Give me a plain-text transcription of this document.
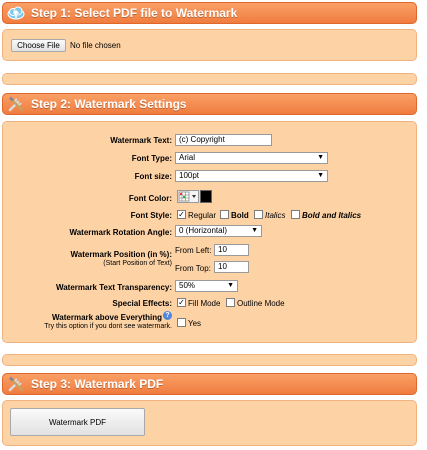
Step 1: Select PDF file to Watermark
Choose File	No file chosen
Step 2: Watermark Settings
Watermark Text: (c) Copyright
Font Type: Arial	▼
Font size: 100pt	▼
Font Color:
Font Style: ✓ Regular Bold Italics Bold and Italics
Watermark Rotation Angle: 0 (Horizontal)	▼
Watermark Position (in %):
(Start Position of Text)
From Left: 10
From Top: 10
Watermark Text Transparency: 50%	▼
Special Effects: ✓ Fill Mode Outline Mode
Watermark above Everything ?
Try this option if you dont see watermark. Yes
Step 3: Watermark PDF
Watermark PDF
